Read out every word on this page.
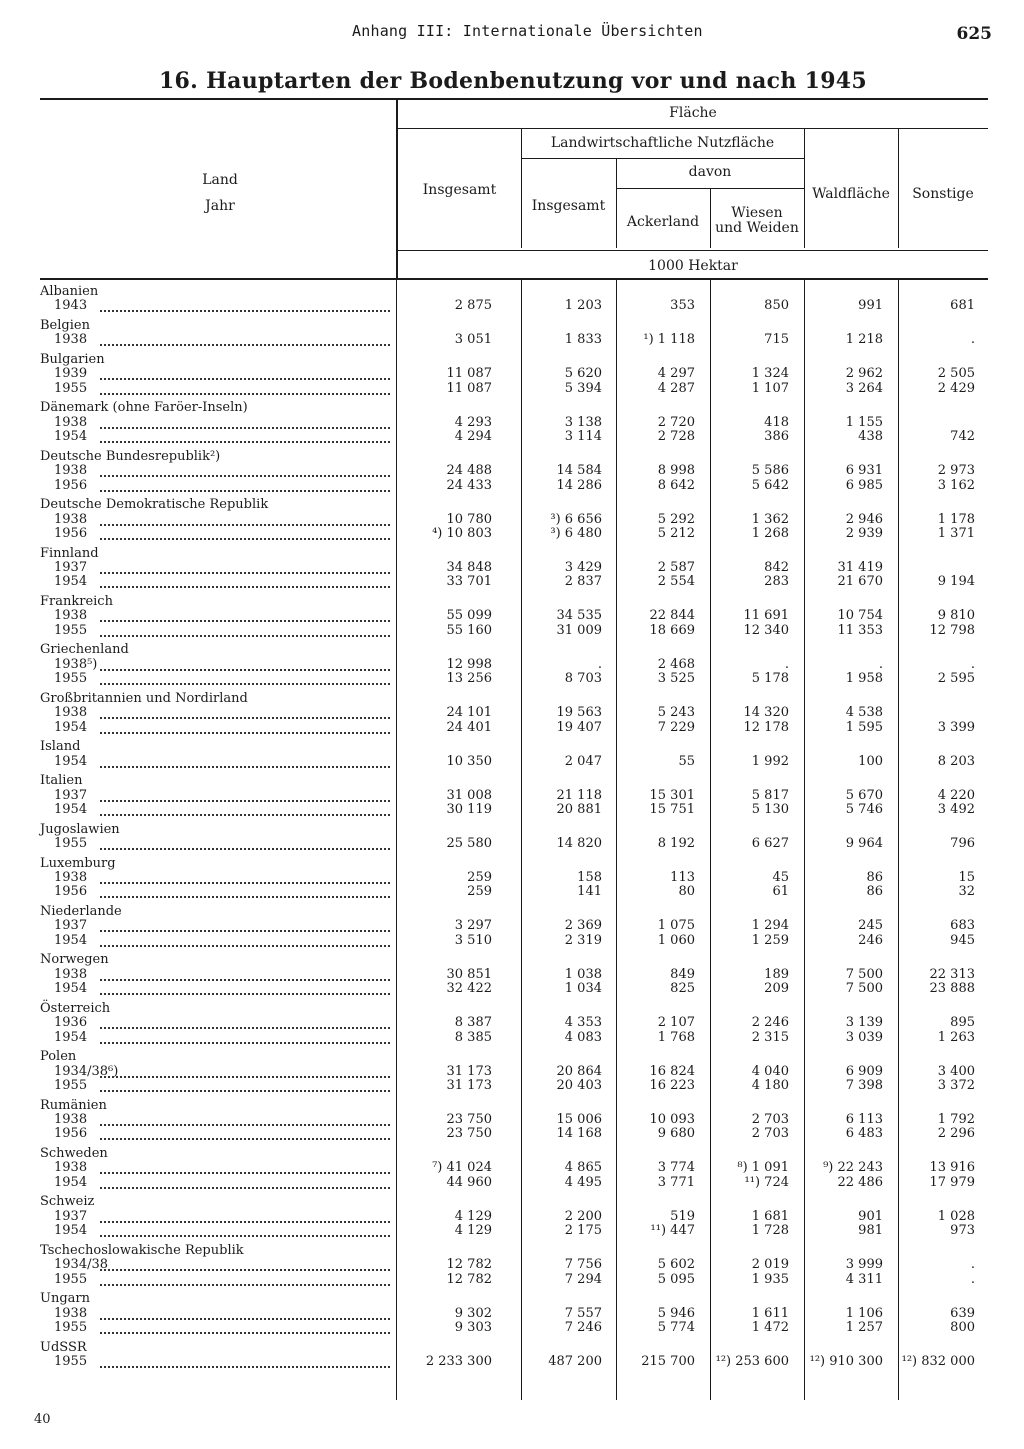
Anhang III: Internationale Übersichten	625
16. Hauptarten der Bodenbenutzung vor und nach 1945
Land
Jahr
Fläche
Insgesamt
Landwirtschaftliche Nutzfläche
davon
Insgesamt
Ackerland
Wiesen
und Weiden
Waldfläche	Sonstige
1000 Hektar
Albanien
1943	2 875	1 203	353	850	991	681
Belgien
1938	3 051	1 833	¹) 1 118	715	1 218	.
Bulgarien
1939	11 087	5 620	4 297	1 324	2 962	2 505
1955	11 087	5 394	4 287	1 107	3 264	2 429
Dänemark (ohne Faröer-Inseln)
1938	4 293	3 138	2 720	418	1 155
1954	4 294	3 114	2 728	386	438	742
Deutsche Bundesrepublik²)
1938	24 488	14 584	8 998	5 586	6 931	2 973
1956	24 433	14 286	8 642	5 642	6 985	3 162
Deutsche Demokratische Republik
1938	10 780	³) 6 656	5 292	1 362	2 946	1 178
1956	⁴) 10 803	³) 6 480	5 212	1 268	2 939	1 371
Finnland
1937	34 848	3 429	2 587	842	31 419
1954	33 701	2 837	2 554	283	21 670	9 194
Frankreich
1938	55 099	34 535	22 844	11 691	10 754	9 810
1955	55 160	31 009	18 669	12 340	11 353	12 798
Griechenland
1938⁵)	12 998	.	2 468	.	.	.
1955	13 256	8 703	3 525	5 178	1 958	2 595
Großbritannien und Nordirland
1938	24 101	19 563	5 243	14 320	4 538
1954	24 401	19 407	7 229	12 178	1 595	3 399
Island
1954	10 350	2 047	55	1 992	100	8 203
Italien
1937	31 008	21 118	15 301	5 817	5 670	4 220
1954	30 119	20 881	15 751	5 130	5 746	3 492
Jugoslawien
1955	25 580	14 820	8 192	6 627	9 964	796
Luxemburg
1938	259	158	113	45	86	15
1956	259	141	80	61	86	32
Niederlande
1937	3 297	2 369	1 075	1 294	245	683
1954	3 510	2 319	1 060	1 259	246	945
Norwegen
1938	30 851	1 038	849	189	7 500	22 313
1954	32 422	1 034	825	209	7 500	23 888
Österreich
1936	8 387	4 353	2 107	2 246	3 139	895
1954	8 385	4 083	1 768	2 315	3 039	1 263
Polen
1934/38⁶)	31 173	20 864	16 824	4 040	6 909	3 400
1955	31 173	20 403	16 223	4 180	7 398	3 372
Rumänien
1938	23 750	15 006	10 093	2 703	6 113	1 792
1956	23 750	14 168	9 680	2 703	6 483	2 296
Schweden
1938	⁷) 41 024	4 865	3 774	⁸) 1 091	⁹) 22 243	13 916
1954	44 960	4 495	3 771	¹¹) 724	22 486	17 979
Schweiz
1937	4 129	2 200	519	1 681	901	1 028
1954	4 129	2 175	¹¹) 447	1 728	981	973
Tschechoslowakische Republik
1934/38	12 782	7 756	5 602	2 019	3 999	.
1955	12 782	7 294	5 095	1 935	4 311	.
Ungarn
1938	9 302	7 557	5 946	1 611	1 106	639
1955	9 303	7 246	5 774	1 472	1 257	800
UdSSR
1955	2 233 300	487 200	215 700	¹²) 253 600	¹²) 910 300	¹²) 832 000
40
